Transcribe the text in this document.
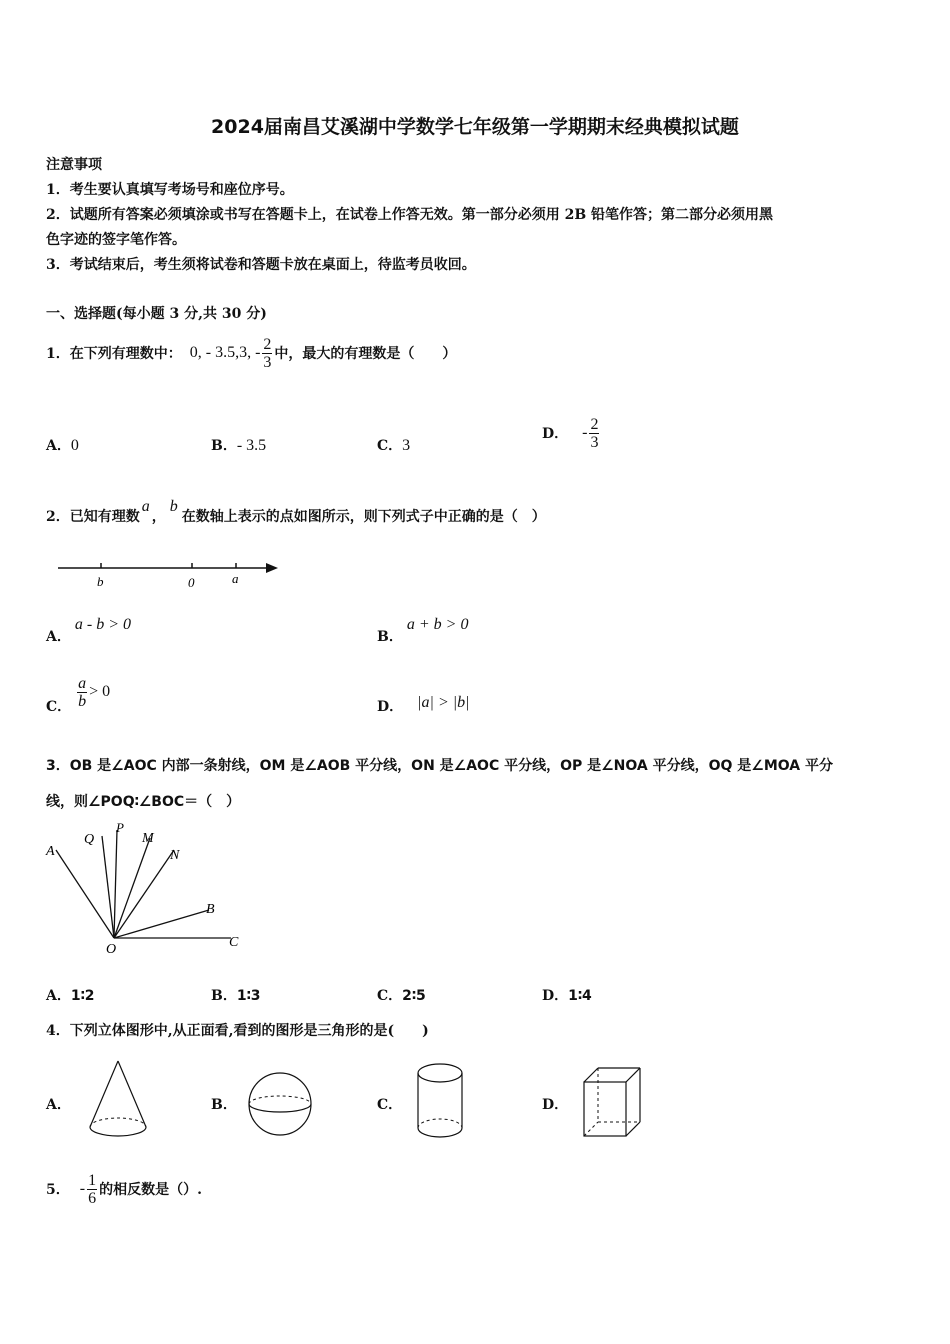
2024届南昌艾溪湖中学数学七年级第一学期期末经典模拟试题
注意事项
1．考生要认真填写考场号和座位序号。
2．试题所有答案必须填涂或书写在答题卡上，在试卷上作答无效。第一部分必须用 2B 铅笔作答；第二部分必须用黑
色字迹的签字笔作答。
3．考试结束后，考生须将试卷和答题卡放在桌面上，待监考员收回。
一、选择题(每小题 3 分,共 30 分)
1．在下列有理数中： 0, - 3.5,3, - $\frac{2}{3}$ 中，最大的有理数是（　　）
A．0	B．- 3.5	C．3
D． - $\frac{2}{3}$
2．已知有理数a，b在数轴上表示的点如图所示，则下列式子中正确的是（　）
b	0	a
A．
a - b > 0
B．
a + b > 0
C． $\frac{a}{b} > 0$
D． |a| > |b|
3．OB 是∠AOC 内部一条射线，OM 是∠AOB 平分线，ON 是∠AOC 平分线，OP 是∠NOA 平分线，OQ 是∠MOA 平分
线，则∠POQ∶∠BOC＝（　）
A
Q
P
M
N
B
O	C
A．1∶2	B．1∶3	C．2∶5	D．1∶4
4．下列立体图形中,从正面看,看到的图形是三角形的是(　　)
A．	B．	C．	D．
5． - $\frac{1}{6}$ 的相反数是（）.
